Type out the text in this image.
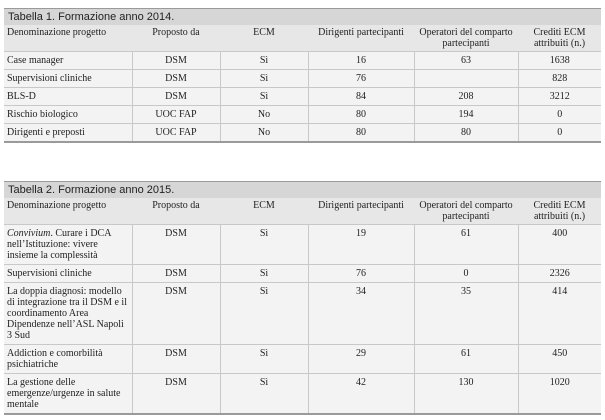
Tabella 1. Formazione anno 2014.
Denominazione progetto	Proposto da	ECM	Dirigenti partecipanti	Operatori del comparto partecipanti	Crediti ECM attribuiti (n.)
Case manager	DSM	Sì	16	63	1638
Supervisioni cliniche	DSM	Sì	76		828
BLS-D	DSM	Sì	84	208	3212
Rischio biologico	UOC FAP	No	80	194	0
Dirigenti e preposti	UOC FAP	No	80	80	0
Tabella 2. Formazione anno 2015.
Denominazione progetto	Proposto da	ECM	Dirigenti partecipanti	Operatori del comparto partecipanti	Crediti ECM attribuiti (n.)
Convivium. Curare i DCA nell’Istituzione: vivere insieme la complessità	DSM	Sì	19	61	400
Supervisioni cliniche	DSM	Sì	76	0	2326
La doppia diagnosi: modello di integrazione tra il DSM e il coordinamento Area Dipendenze nell’ASL Napoli 3 Sud	DSM	Sì	34	35	414
Addiction e comorbilità psichiatriche	DSM	Sì	29	61	450
La gestione delle emergenze/urgenze in salute mentale	DSM	Sì	42	130	1020
